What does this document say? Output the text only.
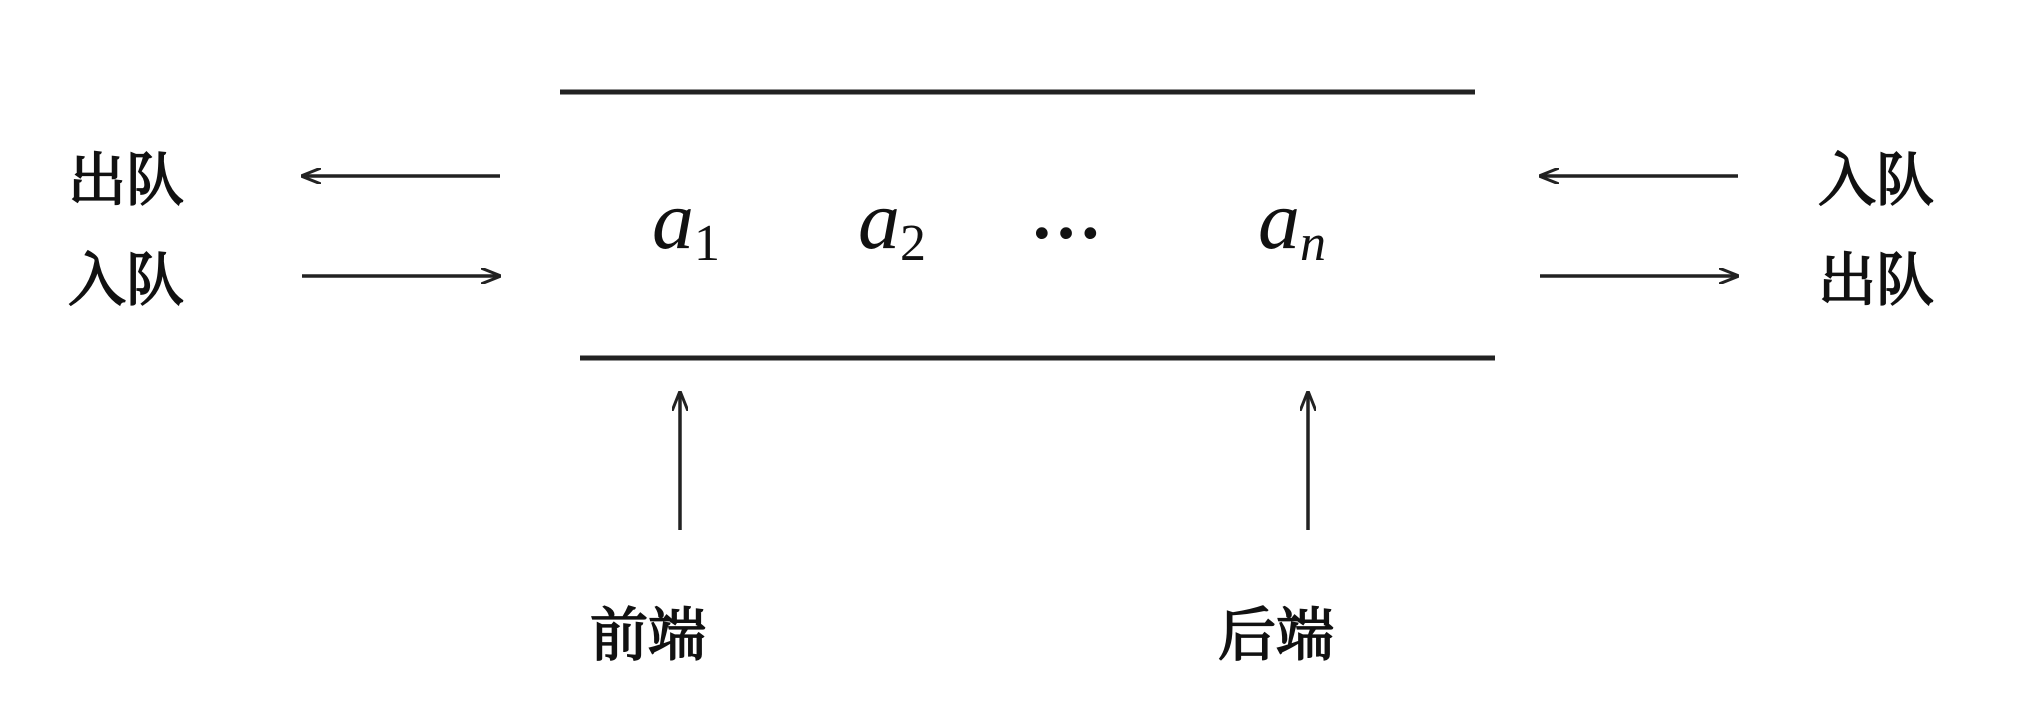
出队
入队
a1 a2 … an
入队
出队
前端	后端
